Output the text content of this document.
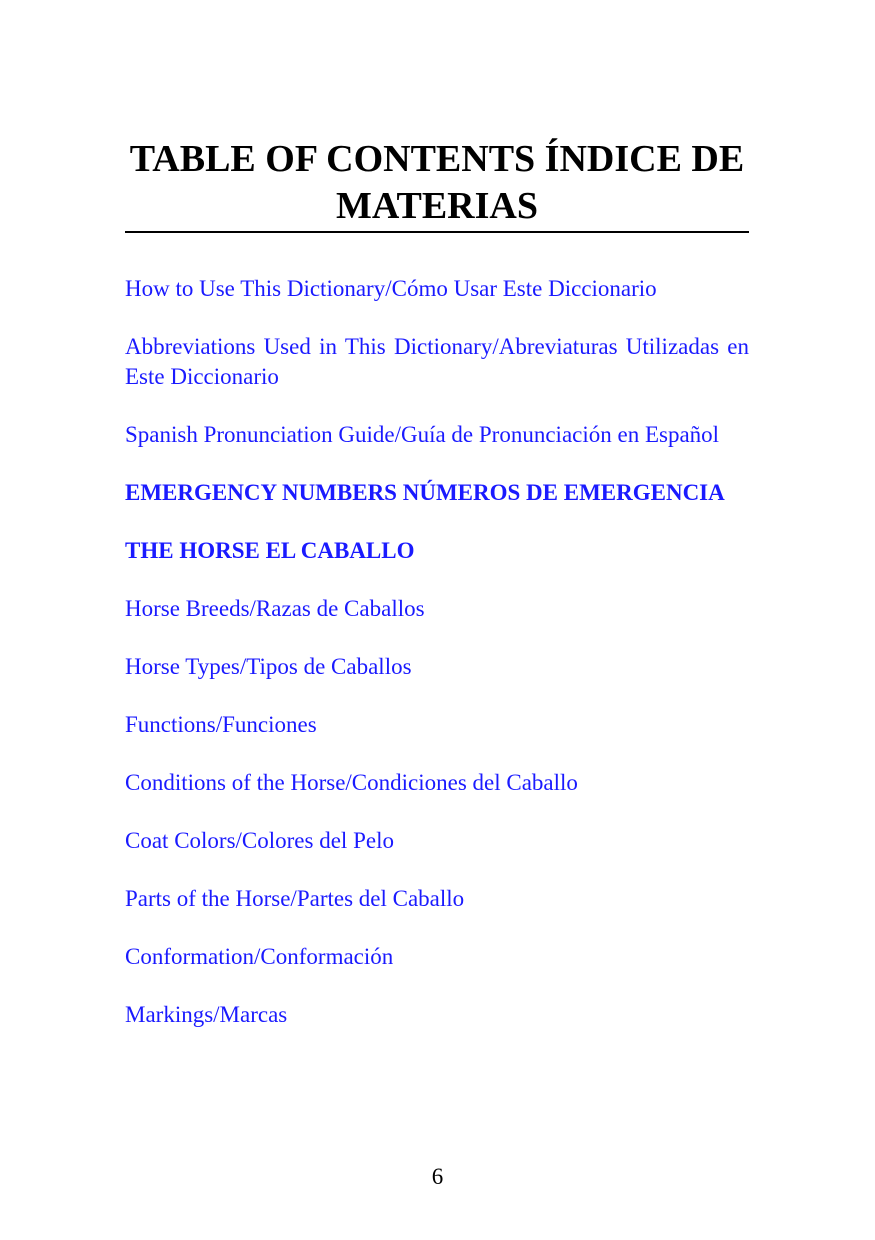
TABLE OF CONTENTS ÍNDICE DE MATERIAS
How to Use This Dictionary/Cómo Usar Este Diccionario
Abbreviations Used in This Dictionary/Abreviaturas Utilizadas en Este Diccionario
Spanish Pronunciation Guide/Guía de Pronunciación en Español
EMERGENCY NUMBERS NÚMEROS DE EMERGENCIA
THE HORSE EL CABALLO
Horse Breeds/Razas de Caballos
Horse Types/Tipos de Caballos
Functions/Funciones
Conditions of the Horse/Condiciones del Caballo
Coat Colors/Colores del Pelo
Parts of the Horse/Partes del Caballo
Conformation/Conformación
Markings/Marcas
6
